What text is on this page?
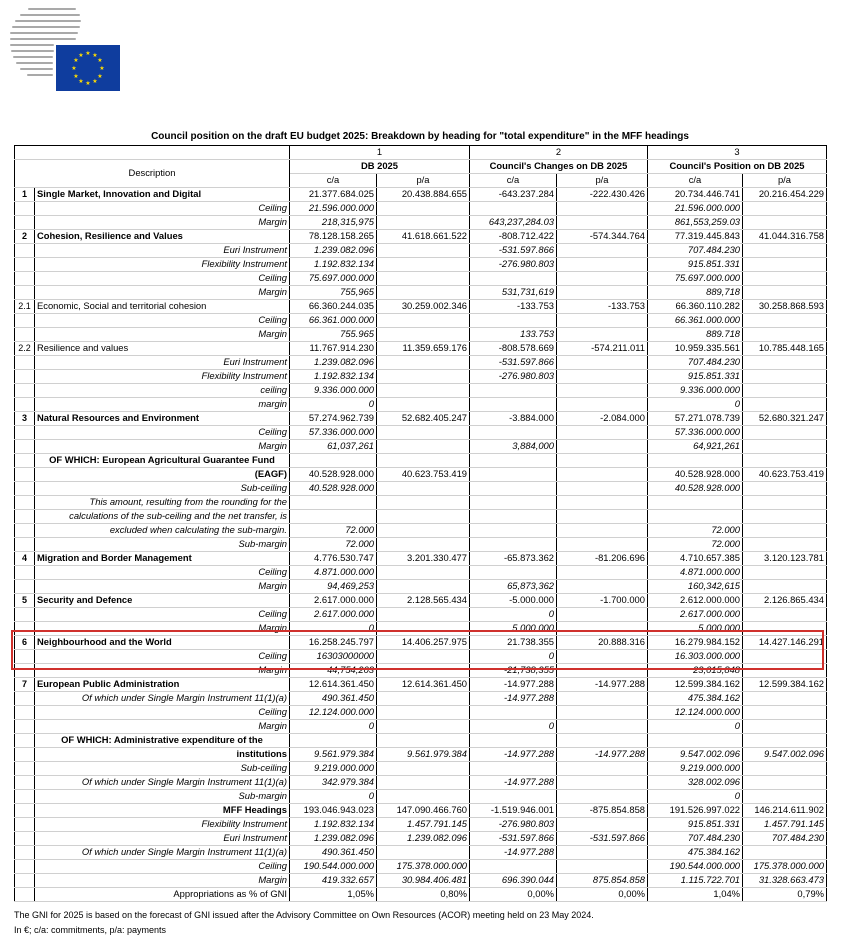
★ ★
★
★
★
★
★
★
★
★
★
★
Council position on the draft EU budget 2025: Breakdown by heading for "total expenditure" in the MFF headings
		1		2		3	
Description		DB 2025		Council's Changes on DB 2025		Council's Position on DB 2025	
		c/a	p/a	c/a	p/a	c/a	p/a
1	Single Market, Innovation and Digital	21.377.684.025	20.438.884.655	-643.237.284	-222.430.426	20.734.446.741	20.216.454.229
	Ceiling	21.596.000.000				21.596.000.000	
	Margin	218,315,975		643,237,284.03		861,553,259.03	
2	Cohesion, Resilience and Values	78.128.158.265	41.618.661.522	-808.712.422	-574.344.764	77.319.445.843	41.044.316.758
	Euri Instrument	1.239.082.096		-531.597.866		707.484.230	
	Flexibility Instrument	1.192.832.134		-276.980.803		915.851.331	
	Ceiling	75.697.000.000				75.697.000.000	
	Margin	755,965		531,731,619		889,718	
2.1	Economic, Social and territorial cohesion	66.360.244.035	30.259.002.346	-133.753	-133.753	66.360.110.282	30.258.868.593
	Ceiling	66.361.000.000				66.361.000.000	
	Margin	755.965		133.753		889.718	
2.2	Resilience and values	11.767.914.230	11.359.659.176	-808.578.669	-574.211.011	10.959.335.561	10.785.448.165
	Euri Instrument	1.239.082.096		-531.597.866		707.484.230	
	Flexibility Instrument	1.192.832.134		-276.980.803		915.851.331	
	ceiling	9.336.000.000				9.336.000.000	
	margin	0				0	
3	Natural Resources and Environment	57.274.962.739	52.682.405.247	-3.884.000	-2.084.000	57.271.078.739	52.680.321.247
	Ceiling	57.336.000.000				57.336.000.000	
	Margin	61,037,261		3,884,000		64,921,261	
	OF WHICH: European Agricultural Guarantee Fund						
	(EAGF)	40.528.928.000	40.623.753.419			40.528.928.000	40.623.753.419
	Sub-ceiling	40.528.928.000				40.528.928.000	
	This amount, resulting from the rounding for the						
	calculations of the sub-ceiling and the net transfer, is						
	excluded when calculating the sub-margin.	72.000				72.000	
	Sub-margin	72.000				72.000	
4	Migration and Border Management	4.776.530.747	3.201.330.477	-65.873.362	-81.206.696	4.710.657.385	3.120.123.781
	Ceiling	4.871.000.000				4.871.000.000	
	Margin	94,469,253		65,873,362		160,342,615	
5	Security and Defence	2.617.000.000	2.128.565.434	-5.000.000	-1.700.000	2.612.000.000	2.126.865.434
	Ceiling	2.617.000.000		0		2.617.000.000	
	Margin	0		5.000.000		5.000.000	
6	Neighbourhood and the World	16.258.245.797	14.406.257.975	21.738.355	20.888.316	16.279.984.152	14.427.146.291
	Ceiling	16303000000		0		16.303.000.000	
	Margin	44,754,203		-21,738,355		23,015,848	
7	European Public Administration	12.614.361.450	12.614.361.450	-14.977.288	-14.977.288	12.599.384.162	12.599.384.162
	Of which under Single Margin Instrument 11(1)(a)	490.361.450		-14.977.288		475.384.162	
	Ceiling	12.124.000.000				12.124.000.000	
	Margin	0		0		0	
	OF WHICH: Administrative expenditure of the						
	institutions	9.561.979.384	9.561.979.384	-14.977.288	-14.977.288	9.547.002.096	9.547.002.096
	Sub-ceiling	9.219.000.000				9.219.000.000	
	Of which under Single Margin Instrument 11(1)(a)	342.979.384		-14.977.288		328.002.096	
	Sub-margin	0				0	
	MFF Headings	193.046.943.023	147.090.466.760	-1.519.946.001	-875.854.858	191.526.997.022	146.214.611.902
	Flexibility Instrument	1.192.832.134	1.457.791.145	-276.980.803		915.851.331	1.457.791.145
	Euri Instrument	1.239.082.096	1.239.082.096	-531.597.866	-531.597.866	707.484.230	707.484.230
	Of which under Single Margin Instrument 11(1)(a)	490.361.450		-14.977.288		475.384.162	
	Ceiling	190.544.000.000	175.378.000.000			190.544.000.000	175.378.000.000
	Margin	419.332.657	30.984.406.481	696.390.044	875.854.858	1.115.722.701	31.328.663.473
	Appropriations as % of GNI	1,05%	0,80%	0,00%	0,00%	1,04%	0,79%
The GNI for 2025 is based on the forecast of GNI issued after the Advisory Committee on Own Resources (ACOR) meeting held on 23 May 2024.
In €; c/a: commitments, p/a: payments
